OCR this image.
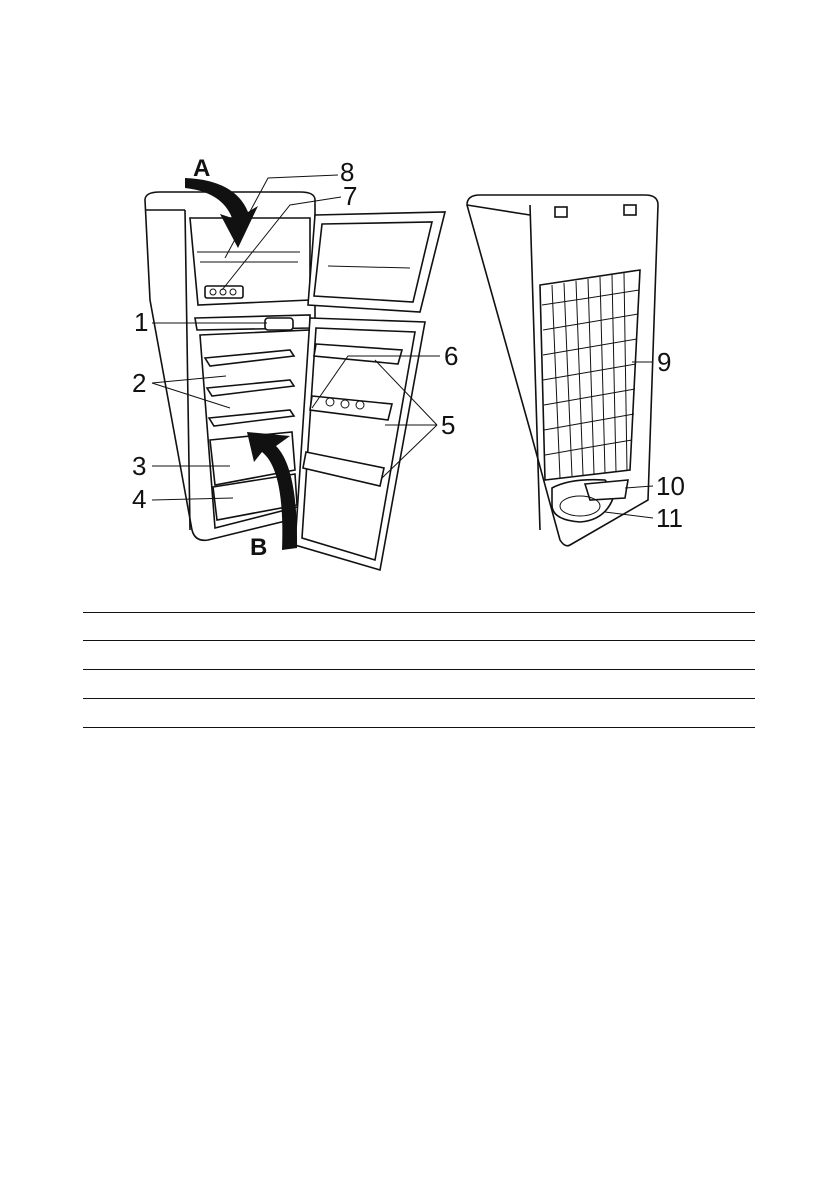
A
B
8
7
1
2
6	9
5
3
4	10
11
